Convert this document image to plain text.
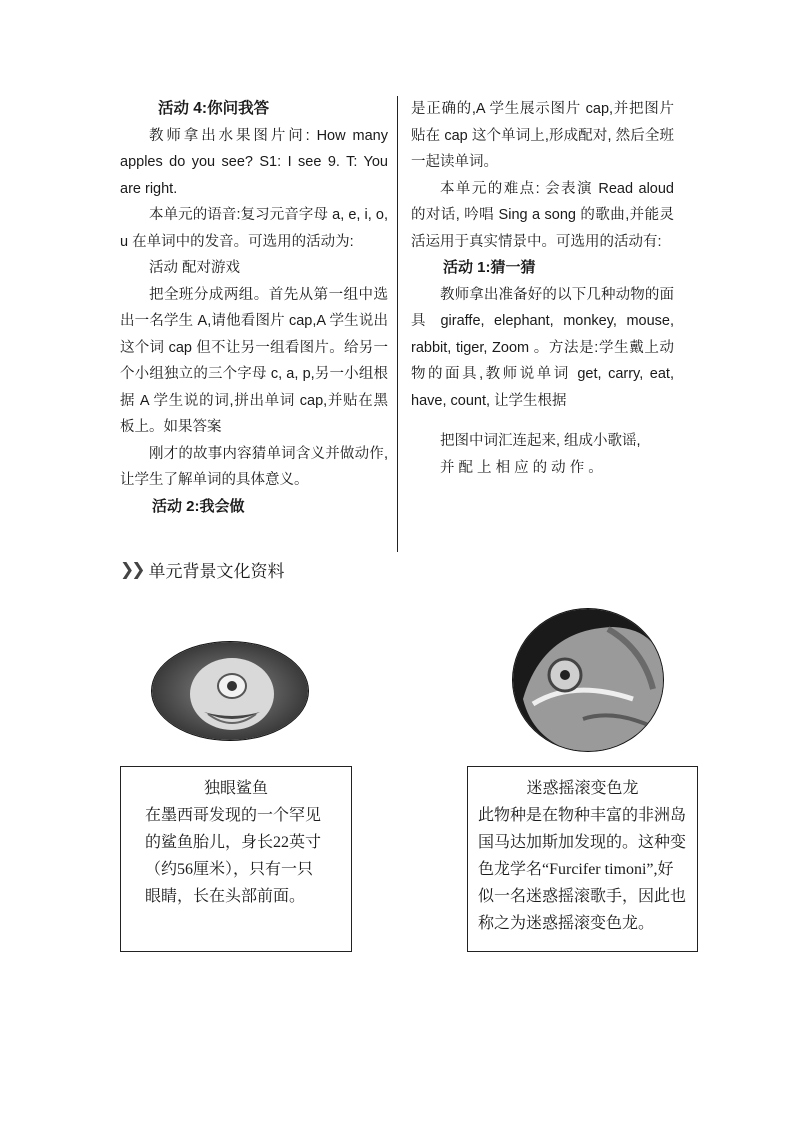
活动 4:你问我答

教师拿出水果图片问: How many apples do you see? S1: I see 9. T: You are right.

本单元的语音:复习元音字母 a, e, i, o, u 在单词中的发音。可选用的活动为:

活动 配对游戏

把全班分成两组。首先从第一组中选出一名学生 A,请他看图片 cap,A 学生说出这个词 cap 但不让另一组看图片。给另一个小组独立的三个字母 c, a, p,另一小组根据 A 学生说的词,拼出单词 cap,并贴在黑板上。如果答案

刚才的故事内容猜单词含义并做动作,让学生了解单词的具体意义。

活动 2:我会做

是正确的,A 学生展示图片 cap,并把图片贴在 cap 这个单词上,形成配对, 然后全班一起读单词。

本单元的难点: 会表演 Read aloud 的对话, 吟唱 Sing a song 的歌曲,并能灵活运用于真实情景中。可选用的活动有:

活动 1:猜一猜

教师拿出准备好的以下几种动物的面具 giraffe, elephant, monkey, mouse, rabbit, tiger, Zoom 。方法是:学生戴上动物的面具,教师说单词 get, carry, eat, have, count, 让学生根据

把图中词汇连起来, 组成小歌谣,

并 配 上 相 应 的 动 作 。

❯❯ 单元背景文化资料
独眼鲨鱼
在墨西哥发现的一个罕见的鲨鱼胎儿，身长22英寸（约56厘米），只有一只眼睛，长在头部前面。
迷惑摇滚变色龙
此物种是在物种丰富的非洲岛国马达加斯加发现的。这种变色龙学名“Furcifer timoni”,好似一名迷惑摇滚歌手，因此也称之为迷惑摇滚变色龙。
